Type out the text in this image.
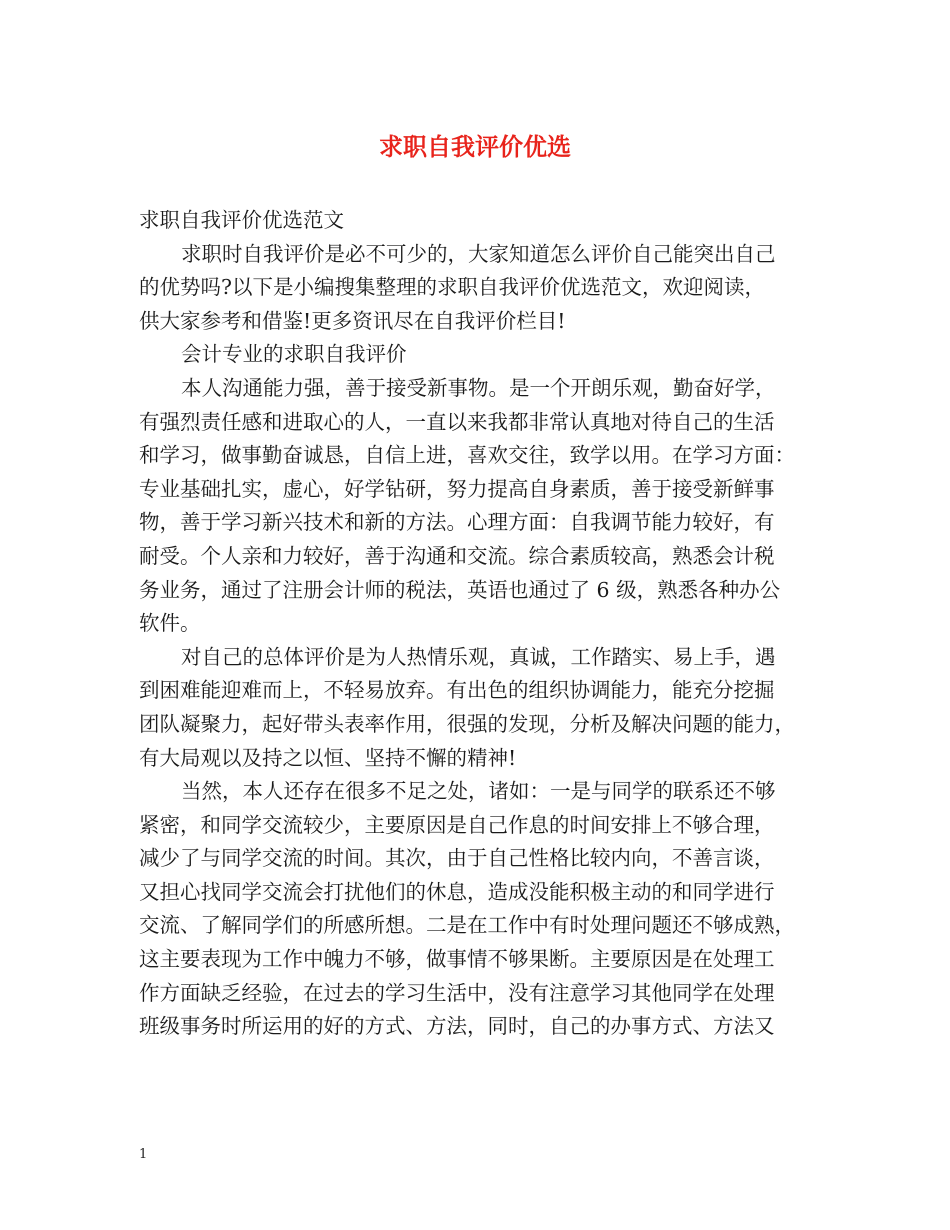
求职自我评价优选

求职自我评价优选范文

求职时自我评价是必不可少的，大家知道怎么评价自己能突出自己

的优势吗?以下是小编搜集整理的求职自我评价优选范文，欢迎阅读，

供大家参考和借鉴!更多资讯尽在自我评价栏目!

会计专业的求职自我评价

本人沟通能力强，善于接受新事物。是一个开朗乐观，勤奋好学，

有强烈责任感和进取心的人，一直以来我都非常认真地对待自己的生活

和学习，做事勤奋诚恳，自信上进，喜欢交往，致学以用。在学习方面：

专业基础扎实，虚心，好学钻研，努力提高自身素质，善于接受新鲜事

物，善于学习新兴技术和新的方法。心理方面：自我调节能力较好，有

耐受。个人亲和力较好，善于沟通和交流。综合素质较高，熟悉会计税

务业务，通过了注册会计师的税法，英语也通过了 6 级，熟悉各种办公

软件。

对自己的总体评价是为人热情乐观，真诚，工作踏实、易上手，遇

到困难能迎难而上，不轻易放弃。有出色的组织协调能力，能充分挖掘

团队凝聚力，起好带头表率作用，很强的发现，分析及解决问题的能力，

有大局观以及持之以恒、坚持不懈的精神!

当然，本人还存在很多不足之处，诸如：一是与同学的联系还不够

紧密，和同学交流较少，主要原因是自己作息的时间安排上不够合理，

减少了与同学交流的时间。其次，由于自己性格比较内向，不善言谈，

又担心找同学交流会打扰他们的休息，造成没能积极主动的和同学进行

交流、了解同学们的所感所想。二是在工作中有时处理问题还不够成熟，

这主要表现为工作中魄力不够，做事情不够果断。主要原因是在处理工

作方面缺乏经验，在过去的学习生活中，没有注意学习其他同学在处理

班级事务时所运用的好的方式、方法，同时，自己的办事方式、方法又

1
